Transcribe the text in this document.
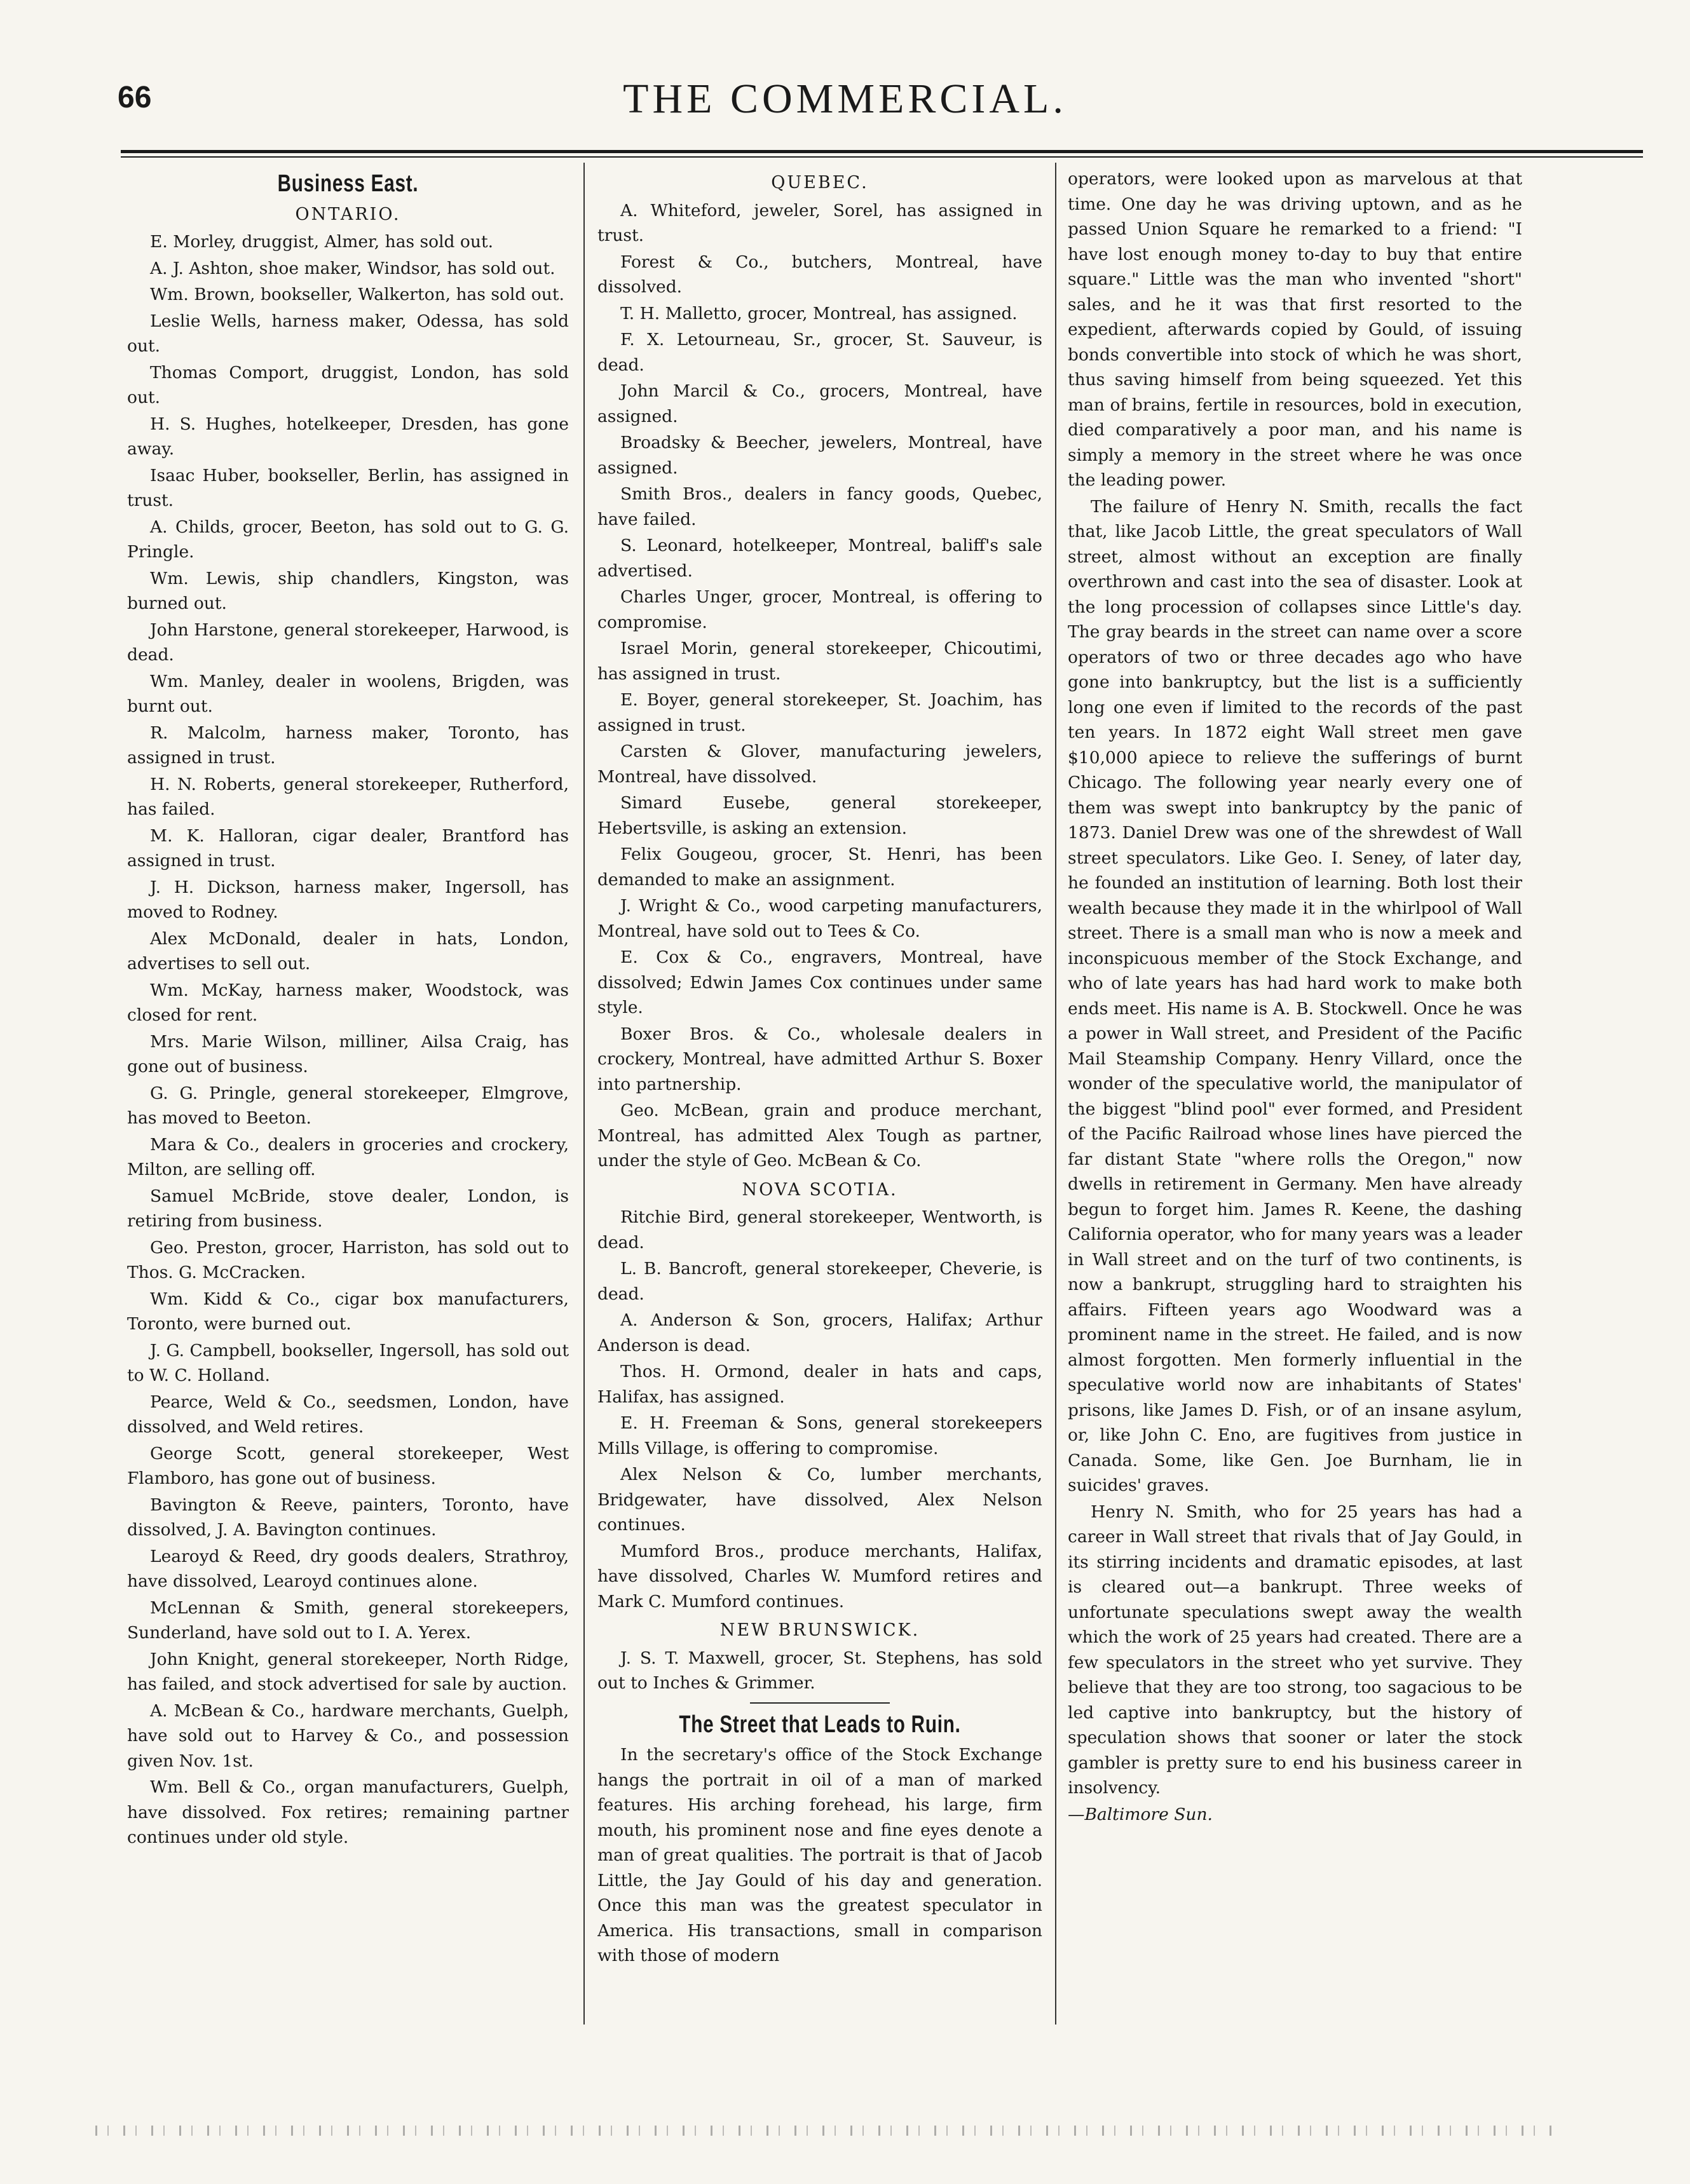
66	THE COMMERCIAL.
Business East.
ONTARIO.

E. Morley, druggist, Almer, has sold out.

A. J. Ashton, shoe maker, Windsor, has sold out.

Wm. Brown, bookseller, Walkerton, has sold out.

Leslie Wells, harness maker, Odessa, has sold out.

Thomas Comport, druggist, London, has sold out.

H. S. Hughes, hotelkeeper, Dresden, has gone away.

Isaac Huber, bookseller, Berlin, has assigned in trust.

A. Childs, grocer, Beeton, has sold out to G. G. Pringle.

Wm. Lewis, ship chandlers, Kingston, was burned out.

John Harstone, general storekeeper, Harwood, is dead.

Wm. Manley, dealer in woolens, Brigden, was burnt out.

R. Malcolm, harness maker, Toronto, has assigned in trust.

H. N. Roberts, general storekeeper, Rutherford, has failed.

M. K. Halloran, cigar dealer, Brantford has assigned in trust.

J. H. Dickson, harness maker, Ingersoll, has moved to Rodney.

Alex McDonald, dealer in hats, London, advertises to sell out.

Wm. McKay, harness maker, Woodstock, was closed for rent.

Mrs. Marie Wilson, milliner, Ailsa Craig, has gone out of business.

G. G. Pringle, general storekeeper, Elmgrove, has moved to Beeton.

Mara & Co., dealers in groceries and crockery, Milton, are selling off.

Samuel McBride, stove dealer, London, is retiring from business.

Geo. Preston, grocer, Harriston, has sold out to Thos. G. McCracken.

Wm. Kidd & Co., cigar box manufacturers, Toronto, were burned out.

J. G. Campbell, bookseller, Ingersoll, has sold out to W. C. Holland.

Pearce, Weld & Co., seedsmen, London, have dissolved, and Weld retires.

George Scott, general storekeeper, West Flamboro, has gone out of business.

Bavington & Reeve, painters, Toronto, have dissolved, J. A. Bavington continues.

Learoyd & Reed, dry goods dealers, Strathroy, have dissolved, Learoyd continues alone.

McLennan & Smith, general storekeepers, Sunderland, have sold out to I. A. Yerex.

John Knight, general storekeeper, North Ridge, has failed, and stock advertised for sale by auction.

A. McBean & Co., hardware merchants, Guelph, have sold out to Harvey & Co., and possession given Nov. 1st.

Wm. Bell & Co., organ manufacturers, Guelph, have dissolved. Fox retires; remaining partner continues under old style.

QUEBEC.

A. Whiteford, jeweler, Sorel, has assigned in trust.

Forest & Co., butchers, Montreal, have dissolved.

T. H. Malletto, grocer, Montreal, has assigned.

F. X. Letourneau, Sr., grocer, St. Sauveur, is dead.

John Marcil & Co., grocers, Montreal, have assigned.

Broadsky & Beecher, jewelers, Montreal, have assigned.

Smith Bros., dealers in fancy goods, Quebec, have failed.

S. Leonard, hotelkeeper, Montreal, baliff's sale advertised.

Charles Unger, grocer, Montreal, is offering to compromise.

Israel Morin, general storekeeper, Chicoutimi, has assigned in trust.

E. Boyer, general storekeeper, St. Joachim, has assigned in trust.

Carsten & Glover, manufacturing jewelers, Montreal, have dissolved.

Simard Eusebe, general storekeeper, Hebertsville, is asking an extension.

Felix Gougeou, grocer, St. Henri, has been demanded to make an assignment.

J. Wright & Co., wood carpeting manufacturers, Montreal, have sold out to Tees & Co.

E. Cox & Co., engravers, Montreal, have dissolved; Edwin James Cox continues under same style.

Boxer Bros. & Co., wholesale dealers in crockery, Montreal, have admitted Arthur S. Boxer into partnership.

Geo. McBean, grain and produce merchant, Montreal, has admitted Alex Tough as partner, under the style of Geo. McBean & Co.

NOVA SCOTIA.

Ritchie Bird, general storekeeper, Wentworth, is dead.

L. B. Bancroft, general storekeeper, Cheverie, is dead.

A. Anderson & Son, grocers, Halifax; Arthur Anderson is dead.

Thos. H. Ormond, dealer in hats and caps, Halifax, has assigned.

E. H. Freeman & Sons, general storekeepers Mills Village, is offering to compromise.

Alex Nelson & Co, lumber merchants, Bridgewater, have dissolved, Alex Nelson continues.

Mumford Bros., produce merchants, Halifax, have dissolved, Charles W. Mumford retires and Mark C. Mumford continues.

NEW BRUNSWICK.

J. S. T. Maxwell, grocer, St. Stephens, has sold out to Inches & Grimmer.

The Street that Leads to Ruin.

In the secretary's office of the Stock Exchange hangs the portrait in oil of a man of marked features. His arching forehead, his large, firm mouth, his prominent nose and fine eyes denote a man of great qualities. The portrait is that of Jacob Little, the Jay Gould of his day and generation. Once this man was the greatest speculator in America. His transactions, small in comparison with those of modern

operators, were looked upon as marvelous at that time. One day he was driving uptown, and as he passed Union Square he remarked to a friend: "I have lost enough money to-day to buy that entire square." Little was the man who invented "short" sales, and he it was that first resorted to the expedient, afterwards copied by Gould, of issuing bonds convertible into stock of which he was short, thus saving himself from being squeezed. Yet this man of brains, fertile in resources, bold in execution, died comparatively a poor man, and his name is simply a memory in the street where he was once the leading power.

The failure of Henry N. Smith, recalls the fact that, like Jacob Little, the great speculators of Wall street, almost without an exception are finally overthrown and cast into the sea of disaster. Look at the long procession of collapses since Little's day. The gray beards in the street can name over a score operators of two or three decades ago who have gone into bankruptcy, but the list is a sufficiently long one even if limited to the records of the past ten years. In 1872 eight Wall street men gave $10,000 apiece to relieve the sufferings of burnt Chicago. The following year nearly every one of them was swept into bankruptcy by the panic of 1873. Daniel Drew was one of the shrewdest of Wall street speculators. Like Geo. I. Seney, of later day, he founded an institution of learning. Both lost their wealth because they made it in the whirlpool of Wall street. There is a small man who is now a meek and inconspicuous member of the Stock Exchange, and who of late years has had hard work to make both ends meet. His name is A. B. Stockwell. Once he was a power in Wall street, and President of the Pacific Mail Steamship Company. Henry Villard, once the wonder of the speculative world, the manipulator of the biggest "blind pool" ever formed, and President of the Pacific Railroad whose lines have pierced the far distant State "where rolls the Oregon," now dwells in retirement in Germany. Men have already begun to forget him. James R. Keene, the dashing California operator, who for many years was a leader in Wall street and on the turf of two continents, is now a bankrupt, struggling hard to straighten his affairs. Fifteen years ago Woodward was a prominent name in the street. He failed, and is now almost forgotten. Men formerly influential in the speculative world now are inhabitants of States' prisons, like James D. Fish, or of an insane asylum, or, like John C. Eno, are fugitives from justice in Canada. Some, like Gen. Joe Burnham, lie in suicides' graves.

Henry N. Smith, who for 25 years has had a career in Wall street that rivals that of Jay Gould, in its stirring incidents and dramatic episodes, at last is cleared out—a bankrupt. Three weeks of unfortunate speculations swept away the wealth which the work of 25 years had created. There are a few speculators in the street who yet survive. They believe that they are too strong, too sagacious to be led captive into bankruptcy, but the history of speculation shows that sooner or later the stock gambler is pretty sure to end his business career in insolvency.

—Baltimore Sun.
